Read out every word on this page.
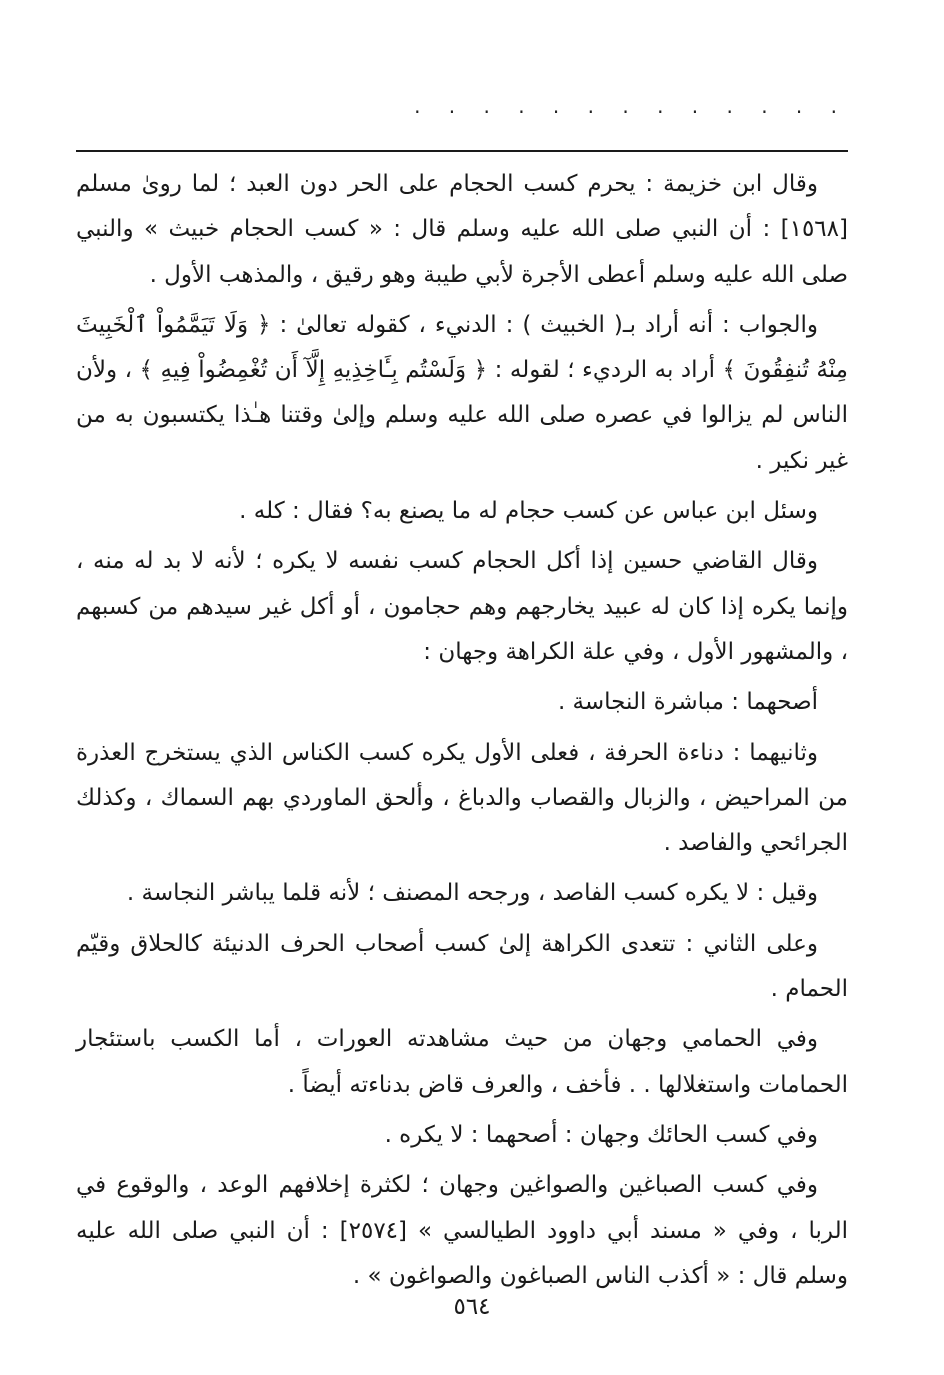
· · · · · · · · · · · · ·

وقال ابن خزيمة : يحرم كسب الحجام على الحر دون العبد ؛ لما روىٰ مسلم [١٥٦٨] : أن النبي صلى الله عليه وسلم قال : « كسب الحجام خبيث » والنبي صلى الله عليه وسلم أعطى الأجرة لأبي طيبة وهو رقيق ، والمذهب الأول .

والجواب : أنه أراد بـ( الخبيث ) : الدنيء ، كقوله تعالىٰ : ﴿ وَلَا تَيَمَّمُواْ ٱلْخَبِيثَ مِنْهُ تُنفِقُونَ ﴾ أراد به الرديء ؛ لقوله : ﴿ وَلَسْتُم بِـَٔاخِذِيهِ إِلَّآ أَن تُغْمِضُواْ فِيهِ ﴾ ، ولأن الناس لم يزالوا في عصره صلى الله عليه وسلم وإلىٰ وقتنا هـٰذا يكتسبون به من غير نكير .

وسئل ابن عباس عن كسب حجام له ما يصنع به؟ فقال : كله .

وقال القاضي حسين إذا أكل الحجام كسب نفسه لا يكره ؛ لأنه لا بد له منه ، وإنما يكره إذا كان له عبيد يخارجهم وهم حجامون ، أو أكل غير سيدهم من كسبهم ، والمشهور الأول ، وفي علة الكراهة وجهان :

أصحهما : مباشرة النجاسة .

وثانيهما : دناءة الحرفة ، فعلى الأول يكره كسب الكناس الذي يستخرج العذرة من المراحيض ، والزبال والقصاب والدباغ ، وألحق الماوردي بهم السماك ، وكذلك الجرائحي والفاصد .

وقيل : لا يكره كسب الفاصد ، ورجحه المصنف ؛ لأنه قلما يباشر النجاسة .

وعلى الثاني : تتعدى الكراهة إلىٰ كسب أصحاب الحرف الدنيئة كالحلاق وقيّم الحمام .

وفي الحمامي وجهان من حيث مشاهدته العورات ، أما الكسب باستئجار الحمامات واستغلالها . . فأخف ، والعرف قاض بدناءته أيضاً .

وفي كسب الحائك وجهان : أصحهما : لا يكره .

وفي كسب الصباغين والصواغين وجهان ؛ لكثرة إخلافهم الوعد ، والوقوع في الربا ، وفي « مسند أبي داوود الطيالسي » [٢٥٧٤] : أن النبي صلى الله عليه وسلم قال : « أكذب الناس الصباغون والصواغون » .

٥٦٤
